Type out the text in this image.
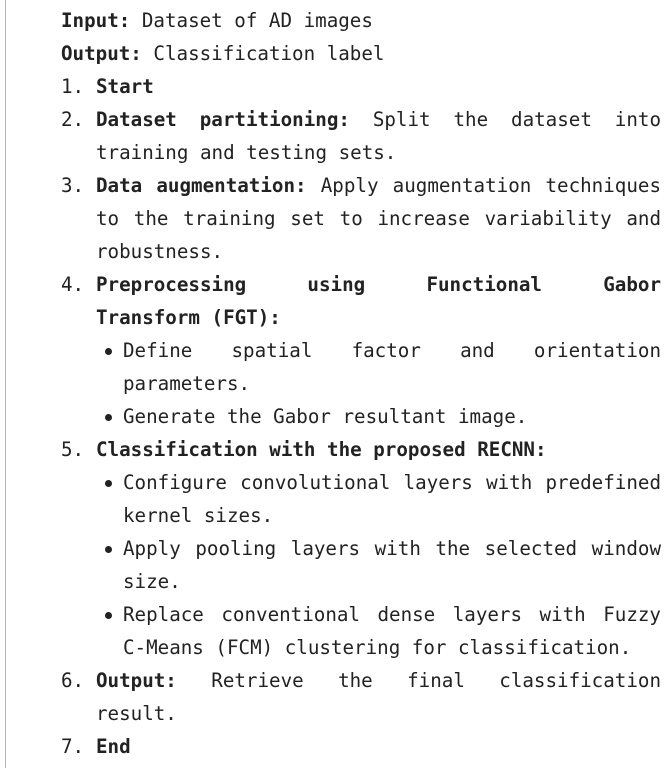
Input: Dataset of AD images
Output: Classification label
1. Start
2. Dataset partitioning: Split the dataset into training and testing sets.
3. Data augmentation: Apply augmentation techniques to the training set to increase variability and robustness.
4. Preprocessing using Functional Gabor
Transform (FGT):
Define spatial factor and orientation parameters.
Generate the Gabor resultant image.
5. Classification with the proposed RECNN:
Configure convolutional layers with predefined kernel sizes.
Apply pooling layers with the selected window size.
Replace conventional dense layers with Fuzzy C-Means (FCM) clustering for classification.
6. Output: Retrieve the final classification result.
7. End
